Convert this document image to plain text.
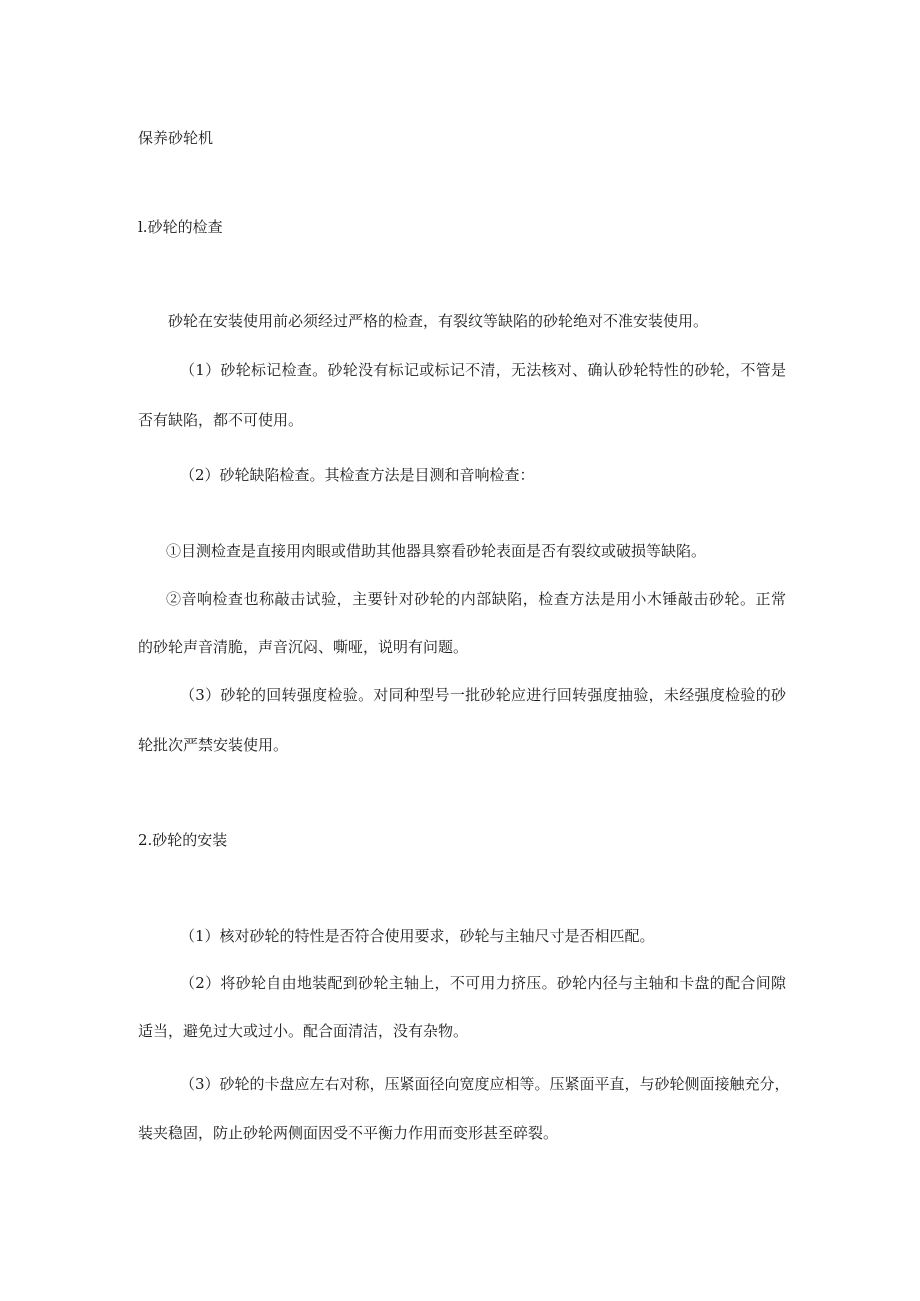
保养砂轮机

l.砂轮的检查

砂轮在安装使用前必须经过严格的检查，有裂纹等缺陷的砂轮绝对不准安装使用。

（1）砂轮标记检查。砂轮没有标记或标记不清，无法核对、确认砂轮特性的砂轮，不管是

否有缺陷，都不可使用。

（2）砂轮缺陷检查。其检查方法是目测和音响检查：

①目测检查是直接用肉眼或借助其他器具察看砂轮表面是否有裂纹或破损等缺陷。

②音响检查也称敲击试验，主要针对砂轮的内部缺陷，检查方法是用小木锤敲击砂轮。正常

的砂轮声音清脆，声音沉闷、嘶哑，说明有问题。

（3）砂轮的回转强度检验。对同种型号一批砂轮应进行回转强度抽验，未经强度检验的砂

轮批次严禁安装使用。

2.砂轮的安装

（1）核对砂轮的特性是否符合使用要求，砂轮与主轴尺寸是否相匹配。

（2）将砂轮自由地装配到砂轮主轴上，不可用力挤压。砂轮内径与主轴和卡盘的配合间隙

适当，避免过大或过小。配合面清洁，没有杂物。

（3）砂轮的卡盘应左右对称，压紧面径向宽度应相等。压紧面平直，与砂轮侧面接触充分，

装夹稳固，防止砂轮两侧面因受不平衡力作用而变形甚至碎裂。
